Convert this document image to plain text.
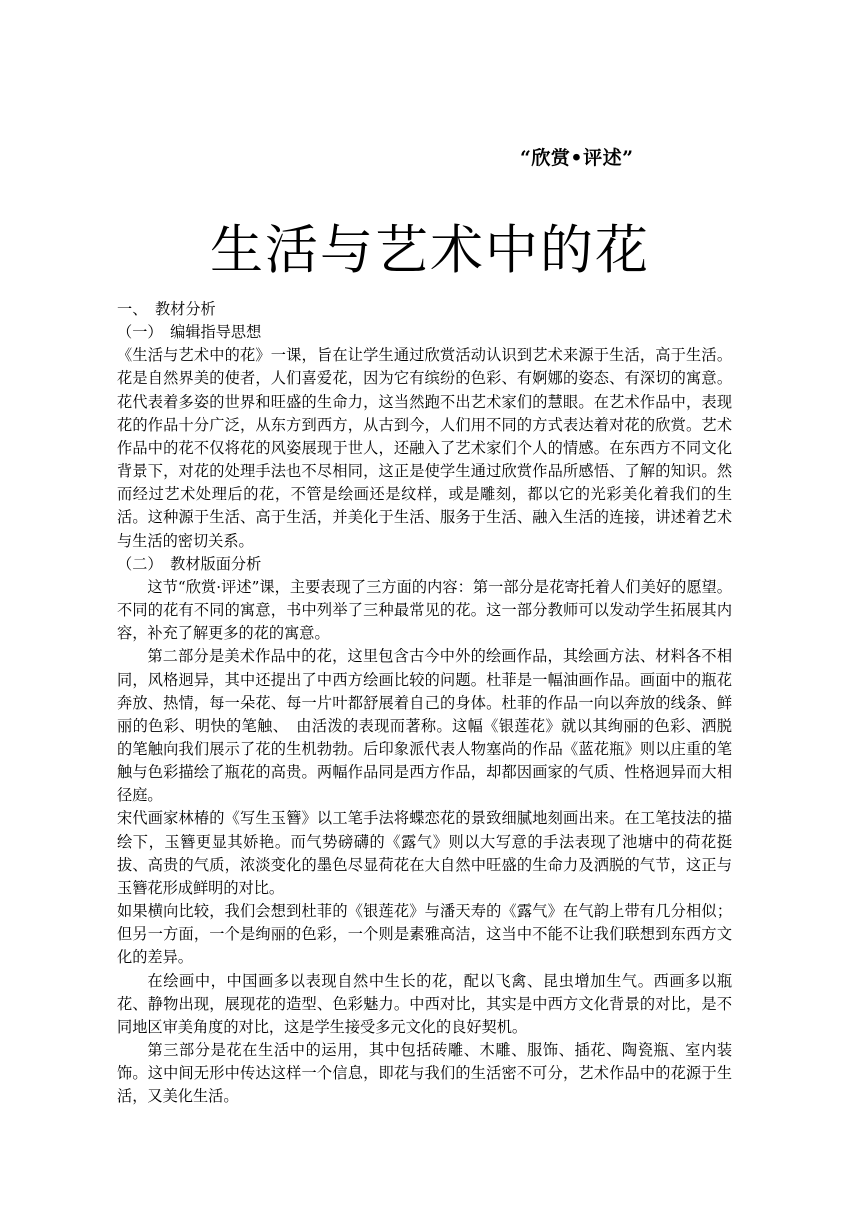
“欣赏•评述”
生活与艺术中的花

一、　教材分析

（一）　编辑指导思想

《生活与艺术中的花》一课，旨在让学生通过欣赏活动认识到艺术来源于生活，高于生活。花是自然界美的使者，人们喜爱花，因为它有缤纷的色彩、有婀娜的姿态、有深切的寓意。花代表着多姿的世界和旺盛的生命力，这当然跑不出艺术家们的慧眼。在艺术作品中，表现花的作品十分广泛，从东方到西方，从古到今，人们用不同的方式表达着对花的欣赏。艺术作品中的花不仅将花的风姿展现于世人，还融入了艺术家们个人的情感。在东西方不同文化背景下，对花的处理手法也不尽相同，这正是使学生通过欣赏作品所感悟、了解的知识。然而经过艺术处理后的花，不管是绘画还是纹样，或是雕刻，都以它的光彩美化着我们的生活。这种源于生活、高于生活，并美化于生活、服务于生活、融入生活的连接，讲述着艺术与生活的密切关系。

（二）　教材版面分析

这节“欣赏·评述”课，主要表现了三方面的内容：第一部分是花寄托着人们美好的愿望。不同的花有不同的寓意，书中列举了三种最常见的花。这一部分教师可以发动学生拓展其内容，补充了解更多的花的寓意。

第二部分是美术作品中的花，这里包含古今中外的绘画作品，其绘画方法、材料各不相同，风格迥异，其中还提出了中西方绘画比较的问题。杜菲是一幅油画作品。画面中的瓶花奔放、热情，每一朵花、每一片叶都舒展着自己的身体。杜菲的作品一向以奔放的线条、鲜丽的色彩、明快的笔触、　由活泼的表现而著称。这幅《银莲花》就以其绚丽的色彩、洒脱的笔触向我们展示了花的生机勃勃。后印象派代表人物塞尚的作品《蓝花瓶》则以庄重的笔触与色彩描绘了瓶花的高贵。两幅作品同是西方作品，却都因画家的气质、性格迥异而大相径庭。

宋代画家林椿的《写生玉簪》以工笔手法将蝶恋花的景致细腻地刻画出来。在工笔技法的描绘下，玉簪更显其娇艳。而气势磅礴的《露气》则以大写意的手法表现了池塘中的荷花挺拔、高贵的气质，浓淡变化的墨色尽显荷花在大自然中旺盛的生命力及洒脱的气节，这正与玉簪花形成鲜明的对比。

如果横向比较，我们会想到杜菲的《银莲花》与潘天寿的《露气》在气韵上带有几分相似；但另一方面，一个是绚丽的色彩，一个则是素雅高洁，这当中不能不让我们联想到东西方文化的差异。

在绘画中，中国画多以表现自然中生长的花，配以飞禽、昆虫增加生气。西画多以瓶花、静物出现，展现花的造型、色彩魅力。中西对比，其实是中西方文化背景的对比，是不同地区审美角度的对比，这是学生接受多元文化的良好契机。

第三部分是花在生活中的运用，其中包括砖雕、木雕、服饰、插花、陶瓷瓶、室内装饰。这中间无形中传达这样一个信息，即花与我们的生活密不可分，艺术作品中的花源于生活，又美化生活。
